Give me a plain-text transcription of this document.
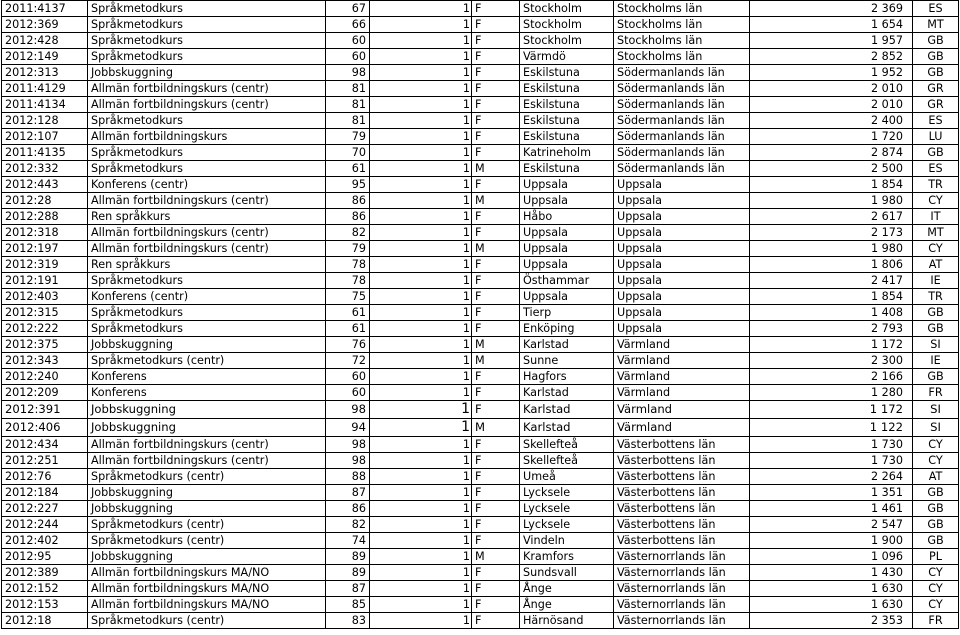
2011:4137	Språkmetodkurs	67	1	F	Stockholm	Stockholms län	2 369	ES
2012:369	Språkmetodkurs	66	1	F	Stockholm	Stockholms län	1 654	MT
2012:428	Språkmetodkurs	60	1	F	Stockholm	Stockholms län	1 957	GB
2012:149	Språkmetodkurs	60	1	F	Värmdö	Stockholms län	2 852	GB
2012:313	Jobbskuggning	98	1	F	Eskilstuna	Södermanlands län	1 952	GB
2011:4129	Allmän fortbildningskurs (centr)	81	1	F	Eskilstuna	Södermanlands län	2 010	GR
2011:4134	Allmän fortbildningskurs (centr)	81	1	F	Eskilstuna	Södermanlands län	2 010	GR
2012:128	Språkmetodkurs	81	1	F	Eskilstuna	Södermanlands län	2 400	ES
2012:107	Allmän fortbildningskurs	79	1	F	Eskilstuna	Södermanlands län	1 720	LU
2011:4135	Språkmetodkurs	70	1	F	Katrineholm	Södermanlands län	2 874	GB
2012:332	Språkmetodkurs	61	1	M	Eskilstuna	Södermanlands län	2 500	ES
2012:443	Konferens (centr)	95	1	F	Uppsala	Uppsala	1 854	TR
2012:28	Allmän fortbildningskurs (centr)	86	1	M	Uppsala	Uppsala	1 980	CY
2012:288	Ren språkkurs	86	1	F	Håbo	Uppsala	2 617	IT
2012:318	Allmän fortbildningskurs (centr)	82	1	F	Uppsala	Uppsala	2 173	MT
2012:197	Allmän fortbildningskurs (centr)	79	1	M	Uppsala	Uppsala	1 980	CY
2012:319	Ren språkkurs	78	1	F	Uppsala	Uppsala	1 806	AT
2012:191	Språkmetodkurs	78	1	F	Östhammar	Uppsala	2 417	IE
2012:403	Konferens (centr)	75	1	F	Uppsala	Uppsala	1 854	TR
2012:315	Språkmetodkurs	61	1	F	Tierp	Uppsala	1 408	GB
2012:222	Språkmetodkurs	61	1	F	Enköping	Uppsala	2 793	GB
2012:375	Jobbskuggning	76	1	M	Karlstad	Värmland	1 172	SI
2012:343	Språkmetodkurs (centr)	72	1	M	Sunne	Värmland	2 300	IE
2012:240	Konferens	60	1	F	Hagfors	Värmland	2 166	GB
2012:209	Konferens	60	1	F	Karlstad	Värmland	1 280	FR
2012:391	Jobbskuggning	98	1	F	Karlstad	Värmland	1 172	SI
2012:406	Jobbskuggning	94	1	M	Karlstad	Värmland	1 122	SI
2012:434	Allmän fortbildningskurs (centr)	98	1	F	Skellefteå	Västerbottens län	1 730	CY
2012:251	Allmän fortbildningskurs (centr)	98	1	F	Skellefteå	Västerbottens län	1 730	CY
2012:76	Språkmetodkurs (centr)	88	1	F	Umeå	Västerbottens län	2 264	AT
2012:184	Jobbskuggning	87	1	F	Lycksele	Västerbottens län	1 351	GB
2012:227	Jobbskuggning	86	1	F	Lycksele	Västerbottens län	1 461	GB
2012:244	Språkmetodkurs (centr)	82	1	F	Lycksele	Västerbottens län	2 547	GB
2012:402	Språkmetodkurs (centr)	74	1	F	Vindeln	Västerbottens län	1 900	GB
2012:95	Jobbskuggning	89	1	M	Kramfors	Västernorrlands län	1 096	PL
2012:389	Allmän fortbildningskurs MA/NO	89	1	F	Sundsvall	Västernorrlands län	1 430	CY
2012:152	Allmän fortbildningskurs MA/NO	87	1	F	Ånge	Västernorrlands län	1 630	CY
2012:153	Allmän fortbildningskurs MA/NO	85	1	F	Ånge	Västernorrlands län	1 630	CY
2012:18	Språkmetodkurs (centr)	83	1	F	Härnösand	Västernorrlands län	2 353	FR
